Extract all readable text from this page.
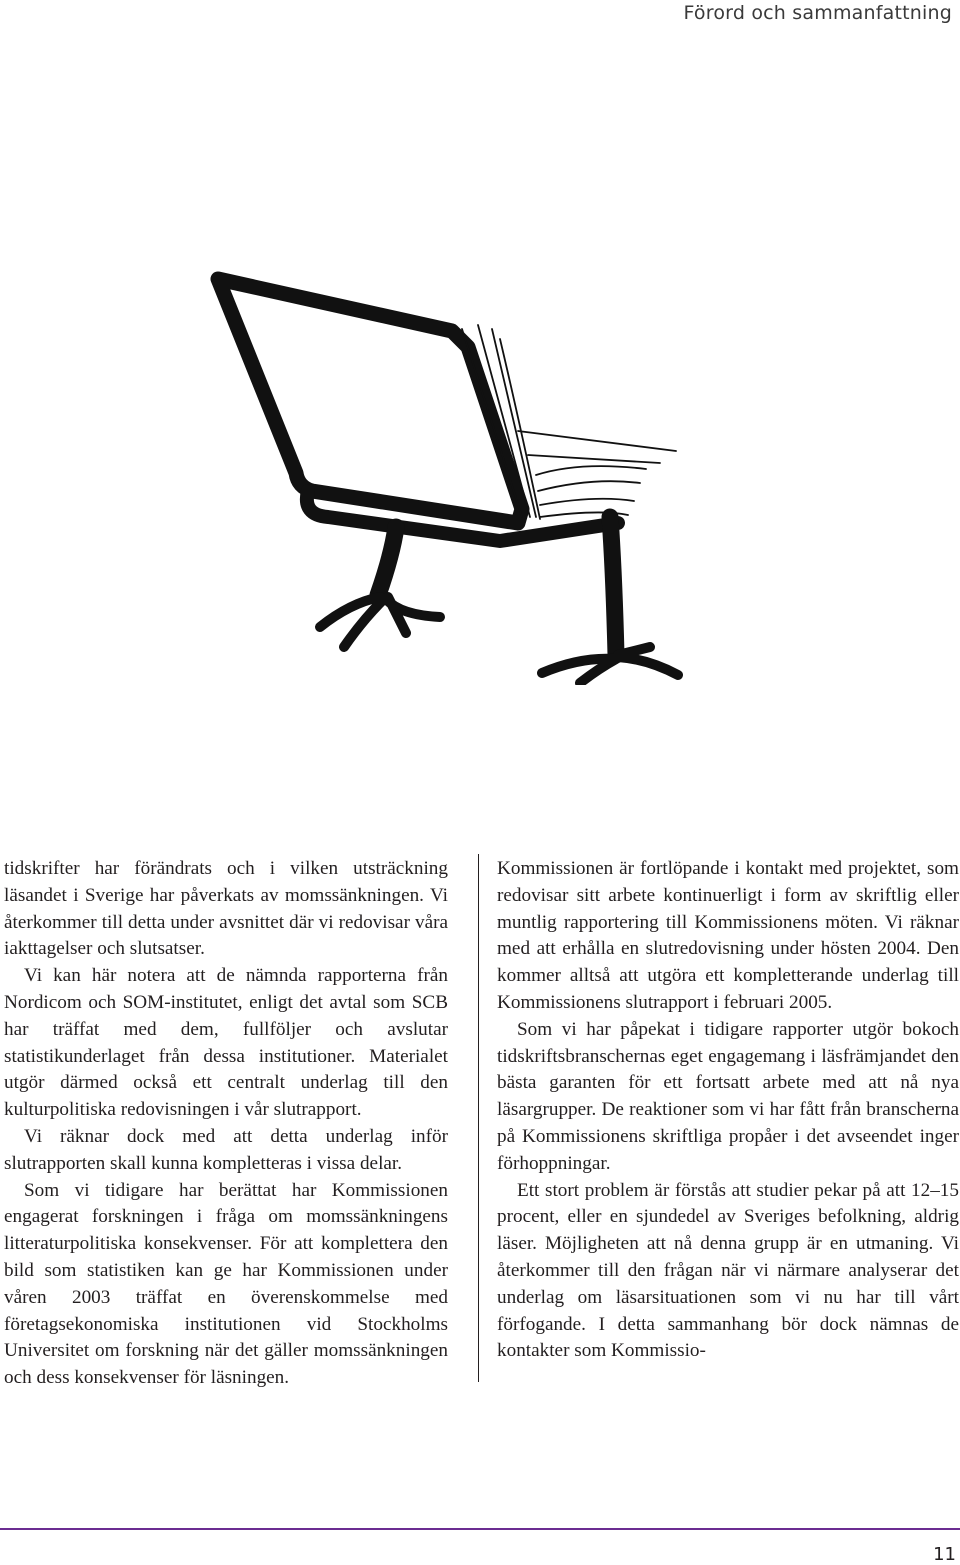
Förord och sammanfattning

tidskrifter har förändrats och i vilken utsträckning läsandet i Sverige har påverkats av momssänkningen. Vi återkommer till detta under avsnittet där vi redovisar våra iakttagelser och slutsatser.

Vi kan här notera att de nämnda rapporterna från Nordicom och SOM-institutet, enligt det avtal som SCB har träffat med dem, fullföljer och avslutar statistikunderlaget från dessa institutioner. Materialet utgör därmed också ett centralt underlag till den kulturpolitiska redovisningen i vår slutrapport.

Vi räknar dock med att detta underlag inför slutrapporten skall kunna kompletteras i vissa delar.

Som vi tidigare har berättat har Kommissionen engagerat forskningen i fråga om momssänkningens litteraturpolitiska konsekvenser. För att komplettera den bild som statistiken kan ge har Kommissionen under våren 2003 träffat en överenskommelse med företagsekonomiska institutionen vid Stockholms Universitet om forskning när det gäller momssänkningen och dess konsekvenser för läsningen.

Kommissionen är fortlöpande i kontakt med projektet, som redovisar sitt arbete kontinuerligt i form av skriftlig eller muntlig rapportering till Kommissionens möten. Vi räknar med att erhålla en slutredovisning under hösten 2004. Den kommer alltså att utgöra ett kompletterande underlag till Kommissionens slutrapport i februari 2005.

Som vi har påpekat i tidigare rapporter utgör bokoch tidskriftsbranschernas eget engagemang i läsfrämjandet den bästa garanten för ett fortsatt arbete med att nå nya läsargrupper. De reaktioner som vi har fått från branscherna på Kommissionens skriftliga propåer i det avseendet inger förhoppningar.

Ett stort problem är förstås att studier pekar på att 12–15 procent, eller en sjundedel av Sveriges befolkning, aldrig läser. Möjligheten att nå denna grupp är en utmaning. Vi återkommer till den frågan när vi närmare analyserar det underlag om läsarsituationen som vi nu har till vårt förfogande. I detta sammanhang bör dock nämnas de kontakter som Kommissio-

11
